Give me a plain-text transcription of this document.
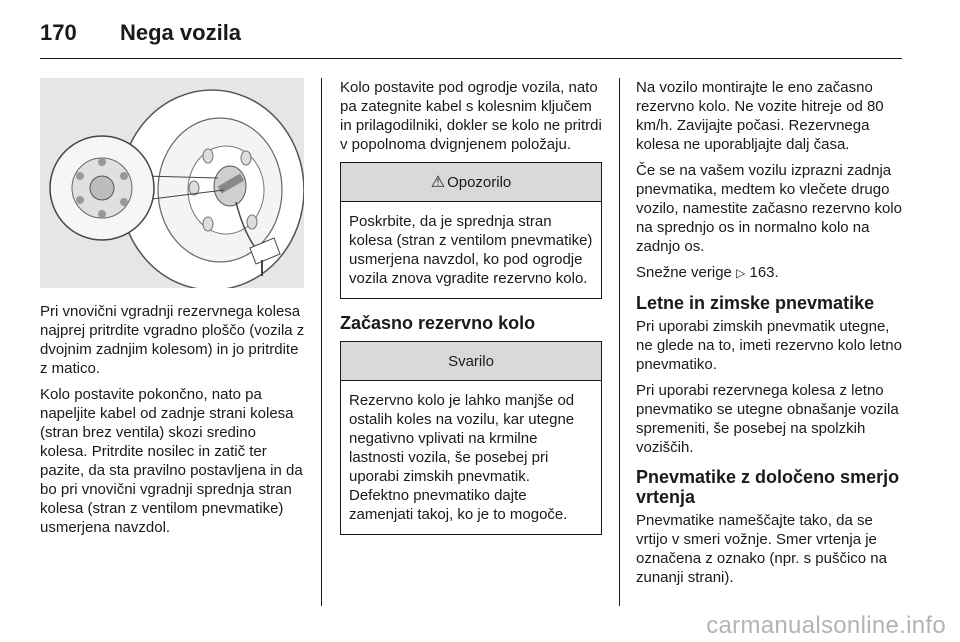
170 Nega vozila

Pri vnovični vgradnji rezervnega kolesa najprej pritrdite vgradno ploščo (vozila z dvojnim zadnjim kolesom) in jo pritrdite z matico.

Kolo postavite pokončno, nato pa napeljite kabel od zadnje strani kolesa (stran brez ventila) skozi sredino kolesa. Pritrdite nosilec in zatič ter pazite, da sta pravilno postavljena in da bo pri vnovični vgradnji sprednja stran kolesa (stran z ventilom pnevmatike) usmerjena navzdol.

Kolo postavite pod ogrodje vozila, nato pa zategnite kabel s kolesnim ključem in prilagodilniki, dokler se kolo ne pritrdi v popolnoma dvignjenem položaju.

⚠ Opozorilo
Poskrbite, da je sprednja stran kolesa (stran z ventilom pnevmatike) usmerjena navzdol, ko pod ogrodje vozila znova vgradite rezervno kolo.
Začasno rezervno kolo
Svarilo
Rezervno kolo je lahko manjše od ostalih koles na vozilu, kar utegne negativno vplivati na krmilne lastnosti vozila, še posebej pri uporabi zimskih pnevmatik. Defektno pnevmatiko dajte zamenjati takoj, ko je to mogoče.

Na vozilo montirajte le eno začasno rezervno kolo. Ne vozite hitreje od 80 km/h. Zavijajte počasi. Rezervnega kolesa ne uporabljajte dalj časa.

Če se na vašem vozilu izprazni zadnja pnevmatika, medtem ko vlečete drugo vozilo, namestite začasno rezervno kolo na sprednjo os in normalno kolo na zadnjo os.

Snežne verige ▷ 163.

Letne in zimske pnevmatike

Pri uporabi zimskih pnevmatik utegne, ne glede na to, imeti rezervno kolo letno pnevmatiko.

Pri uporabi rezervnega kolesa z letno pnevmatiko se utegne obnašanje vozila spremeniti, še posebej na spolzkih voziščih.

Pnevmatike z določeno smerjo vrtenja

Pnevmatike nameščajte tako, da se vrtijo v smeri vožnje. Smer vrtenja je označena z oznako (npr. s puščico na zunanji strani).

carmanualsonline.info
